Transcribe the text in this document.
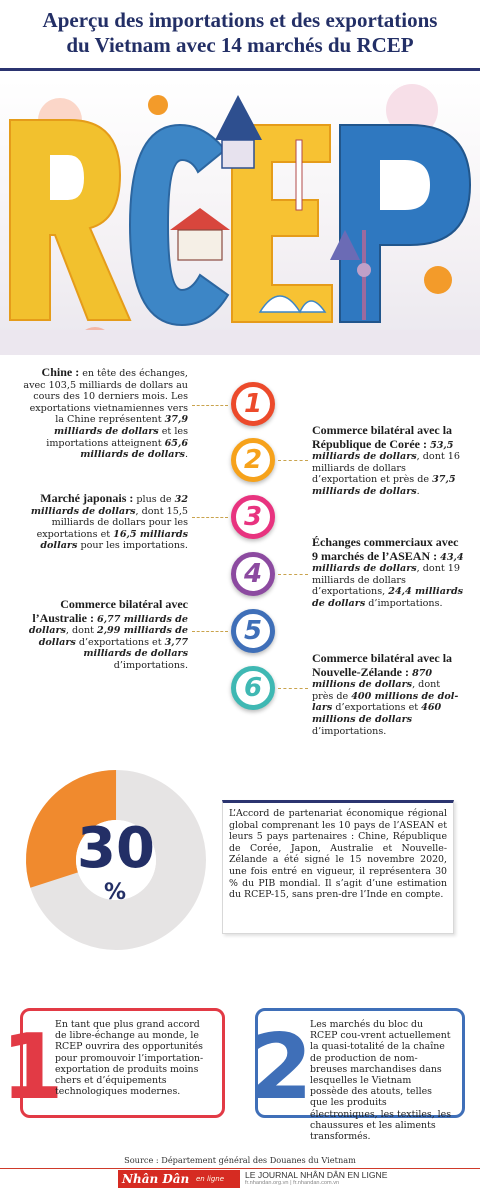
Aperçu des importations et des exportations
du Vietnam avec 14 marchés du RCEP
Chine : en tête des échanges, avec 103,5 milliards de dollars au cours des 10 derniers mois. Les exportations vietnamiennes vers la Chine représentent 37,9 milliards de dollars et les importations atteignent 65,6 milliards de dollars.
1
2
Commerce bilatéral avec la République de Corée : 53,5 milliards de dollars, dont 16 milliards de dollars d’exportation et près de 37,5 milliards de dollars.
Marché japonais : plus de 32 milliards de dollars, dont 15,5 milliards de dollars pour les exportations et 16,5 milliards dollars pour les importations.
3
4
Échanges commerciaux avec 9 marchés de l’ASEAN : 43,4 milliards de dollars, dont 19 milliards de dollars d’exportations, 24,4 milliards de dollars d’importations.
Commerce bilatéral avec l’Australie : 6,77 milliards de dollars, dont 2,99 milliards de dollars d’exportations et 3,77 milliards de dollars d’importations.
5
6
Commerce bilatéral avec la Nouvelle-Zélande : 870 millions de dollars, dont près de 400 millions de dol-lars d’exportations et 460 millions de dollars d’importations.
30
%
L’Accord de partenariat économique régional global comprenant les 10 pays de l’ASEAN et leurs 5 pays partenaires : Chine, République de Corée, Japon, Australie et Nouvelle-Zélande a été signé le 15 novembre 2020, une fois entré en vigueur, il représentera 30 % du PIB mondial. Il s’agit d’une estimation du RCEP-15, sans pren-dre l’Inde en compte.
1
En tant que plus grand accord de libre-échange au monde, le RCEP ouvrira des opportunités pour promouvoir l’importation-exportation de produits moins chers et d’équipements technologiques modernes. 2
Les marchés du bloc du RCEP cou-vrent actuellement la quasi-totalité de la chaîne de production de nom-breuses marchandises dans lesquelles le Vietnam possède des atouts, telles que les produits électroniques, les textiles, les chaussures et les aliments transformés.
Source : Département général des Douanes du Vietnam
Nhân Dân en ligne LE JOURNAL NHÂN DÂN EN LIGNE
fr.nhandan.org.vn | fr.nhandan.com.vn
